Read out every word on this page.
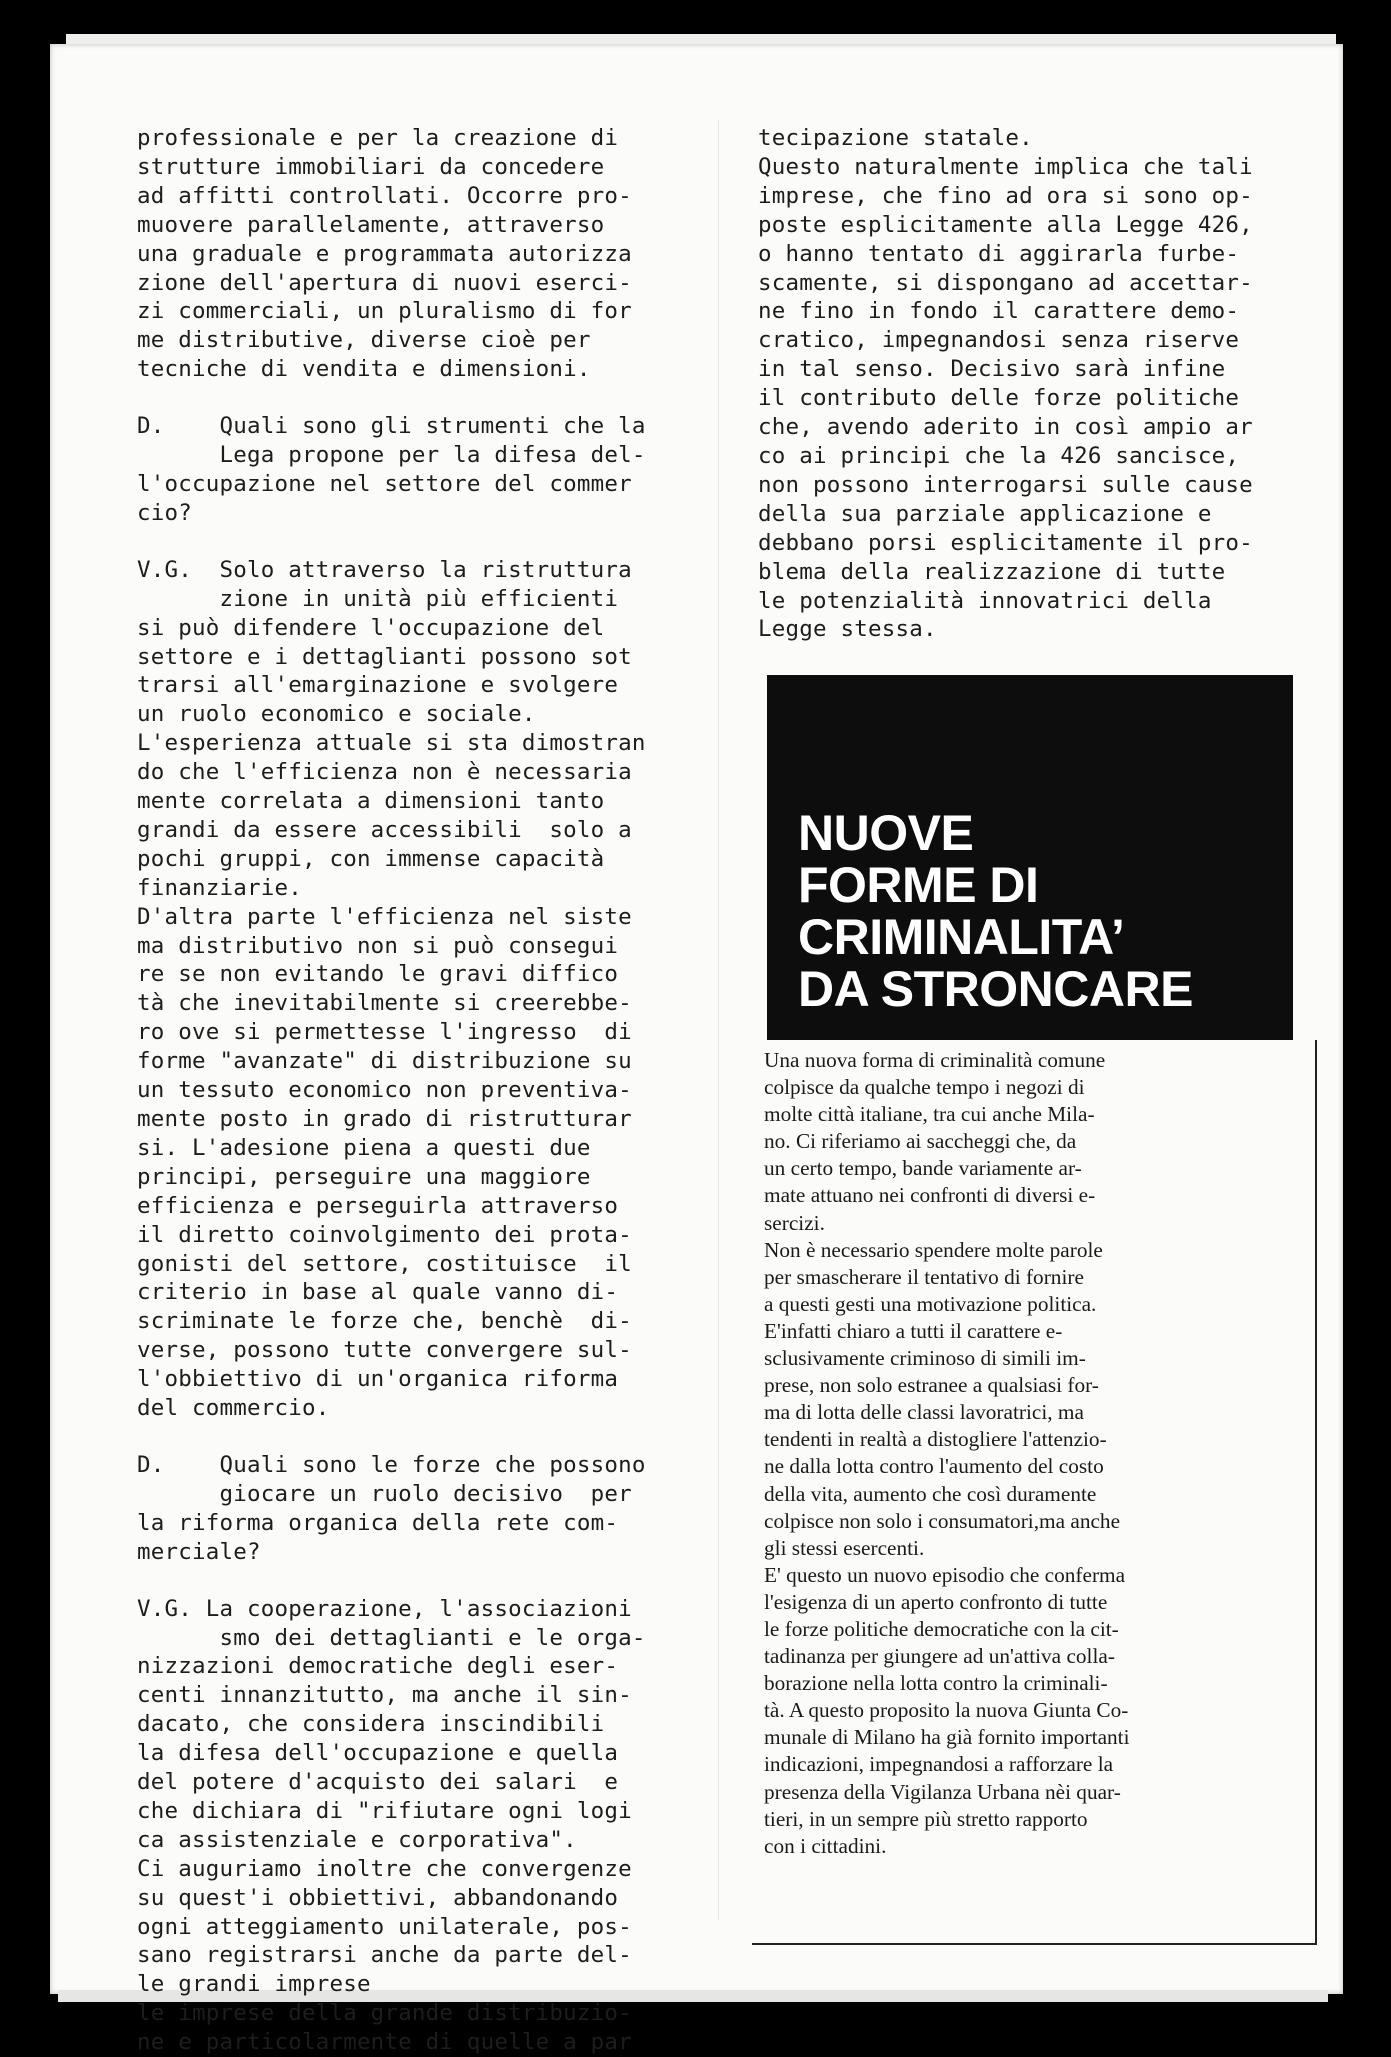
professionale e per la creazione di
strutture immobiliari da concedere
ad affitti controllati. Occorre pro-
muovere parallelamente, attraverso
una graduale e programmata autorizza
zione dell'apertura di nuovi eserci-
zi commerciali, un pluralismo di for
me distributive, diverse cioè per
tecniche di vendita e dimensioni.
D.    Quali sono gli strumenti che la
Lega propone per la difesa del-
l'occupazione nel settore del commer
cio?
V.G.  Solo attraverso la ristruttura
zione in unità più efficienti
si può difendere l'occupazione del
settore e i dettaglianti possono sot
trarsi all'emarginazione e svolgere
un ruolo economico e sociale.
L'esperienza attuale si sta dimostran
do che l'efficienza non è necessaria
mente correlata a dimensioni tanto
grandi da essere accessibili  solo a
pochi gruppi, con immense capacità
finanziarie.
D'altra parte l'efficienza nel siste
ma distributivo non si può consegui
re se non evitando le gravi diffico
tà che inevitabilmente si creerebbe-
ro ove si permettesse l'ingresso  di
forme "avanzate" di distribuzione su
un tessuto economico non preventiva-
mente posto in grado di ristrutturar
si. L'adesione piena a questi due
principi, perseguire una maggiore
efficienza e perseguirla attraverso
il diretto coinvolgimento dei prota-
gonisti del settore, costituisce  il
criterio in base al quale vanno di-
scriminate le forze che, benchè  di-
verse, possono tutte convergere sul-
l'obbiettivo di un'organica riforma
del commercio.
D.    Quali sono le forze che possono
giocare un ruolo decisivo  per
la riforma organica della rete com-
merciale?
V.G. La cooperazione, l'associazioni
smo dei dettaglianti e le orga-
nizzazioni democratiche degli eser-
centi innanzitutto, ma anche il sin-
dacato, che considera inscindibili
la difesa dell'occupazione e quella
del potere d'acquisto dei salari  e
che dichiara di "rifiutare ogni logi
ca assistenziale e corporativa".
Ci auguriamo inoltre che convergenze
su quest'i obbiettivi, abbandonando
ogni atteggiamento unilaterale, pos-
sano registrarsi anche da parte del-
le grandi imprese
le imprese della grande distribuzio-
ne e particolarmente di quelle a par
tecipazione statale.
Questo naturalmente implica che tali
imprese, che fino ad ora si sono op-
poste esplicitamente alla Legge 426,
o hanno tentato di aggirarla furbe-
scamente, si dispongano ad accettar-
ne fino in fondo il carattere demo-
cratico, impegnandosi senza riserve
in tal senso. Decisivo sarà infine
il contributo delle forze politiche
che, avendo aderito in così ampio ar
co ai principi che la 426 sancisce,
non possono interrogarsi sulle cause
della sua parziale applicazione e
debbano porsi esplicitamente il pro-
blema della realizzazione di tutte
le potenzialità innovatrici della
Legge stessa.
NUOVE
FORME DI
CRIMINALITA’
DA STRONCARE
Una nuova forma di criminalità comune
colpisce da qualche tempo i negozi di
molte città italiane, tra cui anche Mila-
no. Ci riferiamo ai saccheggi che, da
un certo tempo, bande variamente ar-
mate attuano nei confronti di diversi e-
sercizi.
Non è necessario spendere molte parole
per smascherare il tentativo di fornire
a questi gesti una motivazione politica.
E'infatti chiaro a tutti il carattere e-
sclusivamente criminoso di simili im-
prese, non solo estranee a qualsiasi for-
ma di lotta delle classi lavoratrici, ma
tendenti in realtà a distogliere l'attenzio-
ne dalla lotta contro l'aumento del costo
della vita, aumento che così duramente
colpisce non solo i consumatori,ma anche
gli stessi esercenti.
E' questo un nuovo episodio che conferma
l'esigenza di un aperto confronto di tutte
le forze politiche democratiche con la cit-
tadinanza per giungere ad un'attiva colla-
borazione nella lotta contro la criminali-
tà. A questo proposito la nuova Giunta Co-
munale di Milano ha già fornito importanti
indicazioni, impegnandosi a rafforzare la
presenza della Vigilanza Urbana nèi quar-
tieri, in un sempre più stretto rapporto
con i cittadini.
